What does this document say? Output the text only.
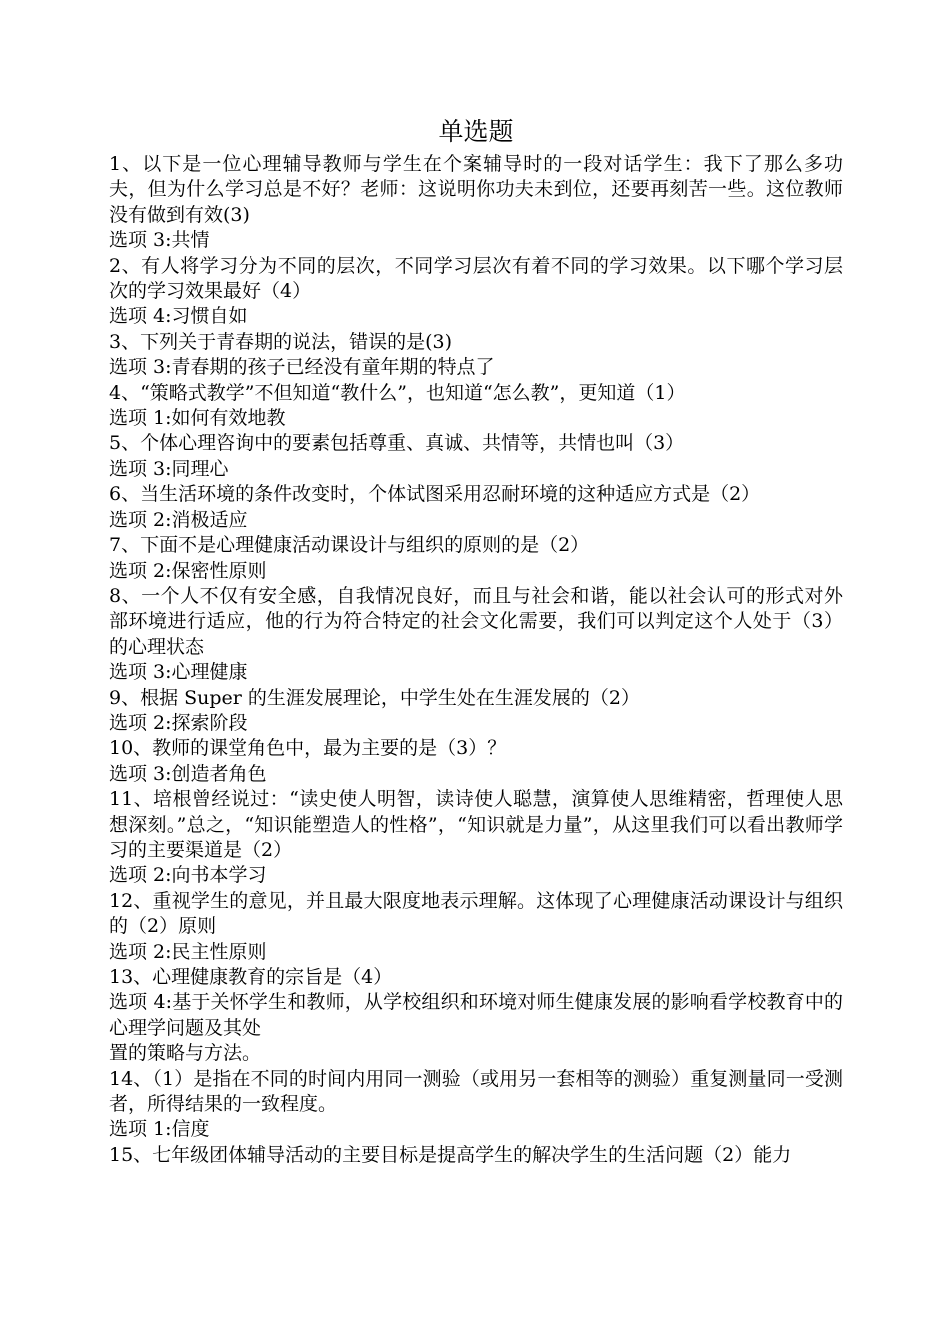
单选题

1、以下是一位心理辅导教师与学生在个案辅导时的一段对话学生：我下了那么多功夫，但为什么学习总是不好？老师：这说明你功夫未到位，还要再刻苦一些。这位教师没有做到有效(3)

选项 3:共情

2、有人将学习分为不同的层次，不同学习层次有着不同的学习效果。以下哪个学习层次的学习效果最好（4）

选项 4:习惯自如

3、下列关于青春期的说法，错误的是(3)

选项 3:青春期的孩子已经没有童年期的特点了

4、“策略式教学”不但知道“教什么”，也知道“怎么教”，更知道（1）

选项 1:如何有效地教

5、个体心理咨询中的要素包括尊重、真诚、共情等，共情也叫（3）

选项 3:同理心

6、当生活环境的条件改变时，个体试图采用忍耐环境的这种适应方式是（2）

选项 2:消极适应

7、下面不是心理健康活动课设计与组织的原则的是（2）

选项 2:保密性原则

8、一个人不仅有安全感，自我情况良好，而且与社会和谐，能以社会认可的形式对外部环境进行适应，他的行为符合特定的社会文化需要，我们可以判定这个人处于（3）的心理状态

选项 3:心理健康

9、根据 Super 的生涯发展理论，中学生处在生涯发展的（2）

选项 2:探索阶段

10、教师的课堂角色中，最为主要的是（3）？

选项 3:创造者角色

11、培根曾经说过：“读史使人明智，读诗使人聪慧，演算使人思维精密，哲理使人思想深刻。”总之，“知识能塑造人的性格”，“知识就是力量”，从这里我们可以看出教师学习的主要渠道是（2）

选项 2:向书本学习

12、重视学生的意见，并且最大限度地表示理解。这体现了心理健康活动课设计与组织的（2）原则

选项 2:民主性原则

13、心理健康教育的宗旨是（4）

选项 4:基于关怀学生和教师，从学校组织和环境对师生健康发展的影响看学校教育中的心理学问题及其处

置的策略与方法。

14、（1）是指在不同的时间内用同一测验（或用另一套相等的测验）重复测量同一受测者，所得结果的一致程度。

选项 1:信度

15、七年级团体辅导活动的主要目标是提高学生的解决学生的生活问题（2）能力
